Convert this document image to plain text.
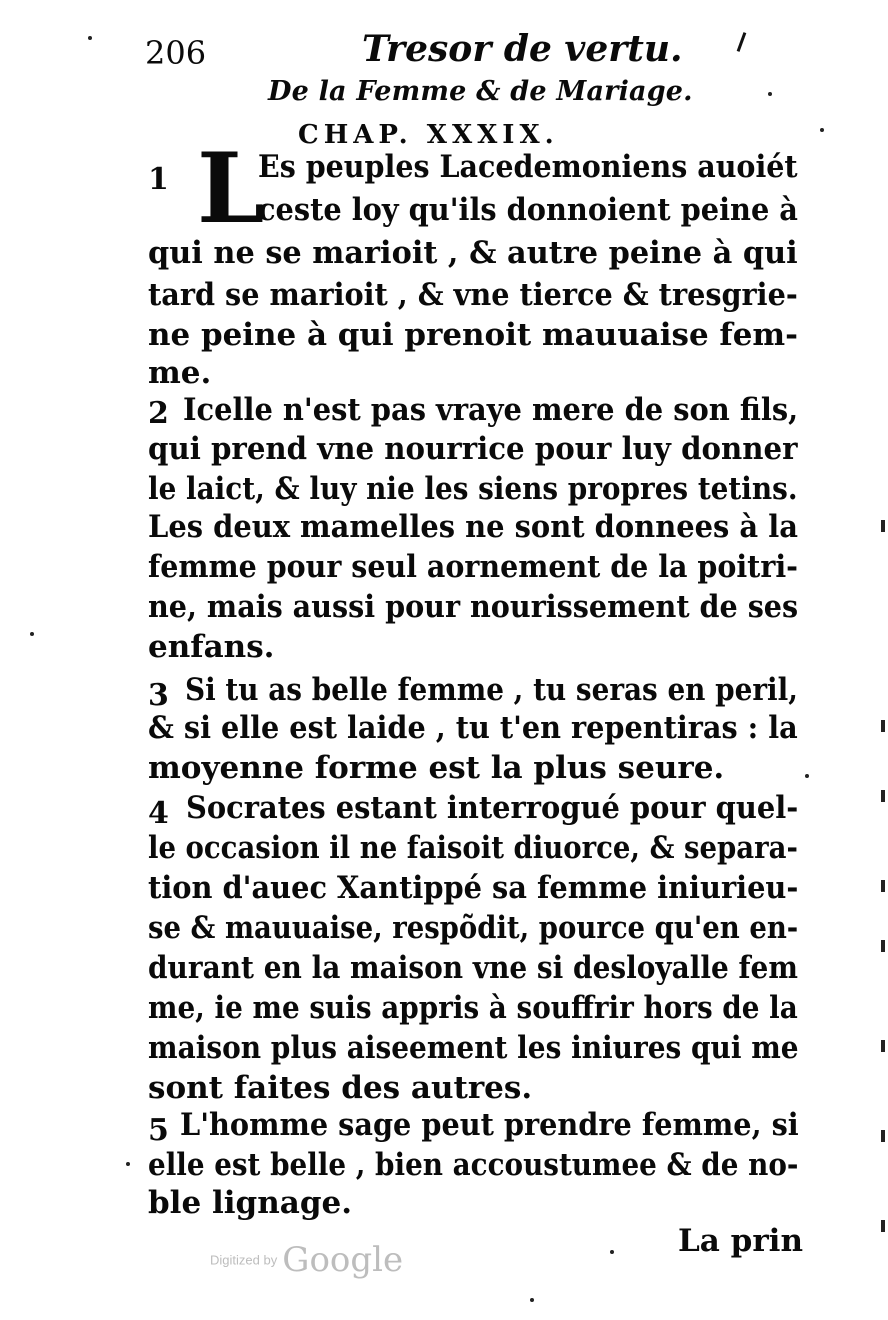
206	Tresor de vertu.
De la Femme & de Mariage.
CHAP. XXXIX.
1 L
Es peuples Lacedemoniens auoiét
ceste loy qu'ils donnoient peine à
qui ne se marioit , & autre peine à qui
tard se marioit , & vne tierce & tresgrie-
ne peine à qui prenoit mauuaise fem-
me.
2 Icelle n'est pas vraye mere de son fils,
qui prend vne nourrice pour luy donner
le laict, & luy nie les siens propres tetins.
Les deux mamelles ne sont donnees à la
femme pour seul aornement de la poitri-
ne, mais aussi pour nourissement de ses
enfans.
3 Si tu as belle femme , tu seras en peril,
& si elle est laide , tu t'en repentiras : la
moyenne forme est la plus seure.
4 Socrates estant interrogué pour quel-
le occasion il ne faisoit diuorce, & separa-
tion d'auec Xantippé sa femme iniurieu-
se & mauuaise, respõdit, pource qu'en en-
durant en la maison vne si desloyalle fem
me, ie me suis appris à souffrir hors de la
maison plus aiseement les iniures qui me
sont faites des autres.
5 L'homme sage peut prendre femme, si
elle est belle , bien accoustumee & de no-
ble lignage.
La prin
Digitized by Google
